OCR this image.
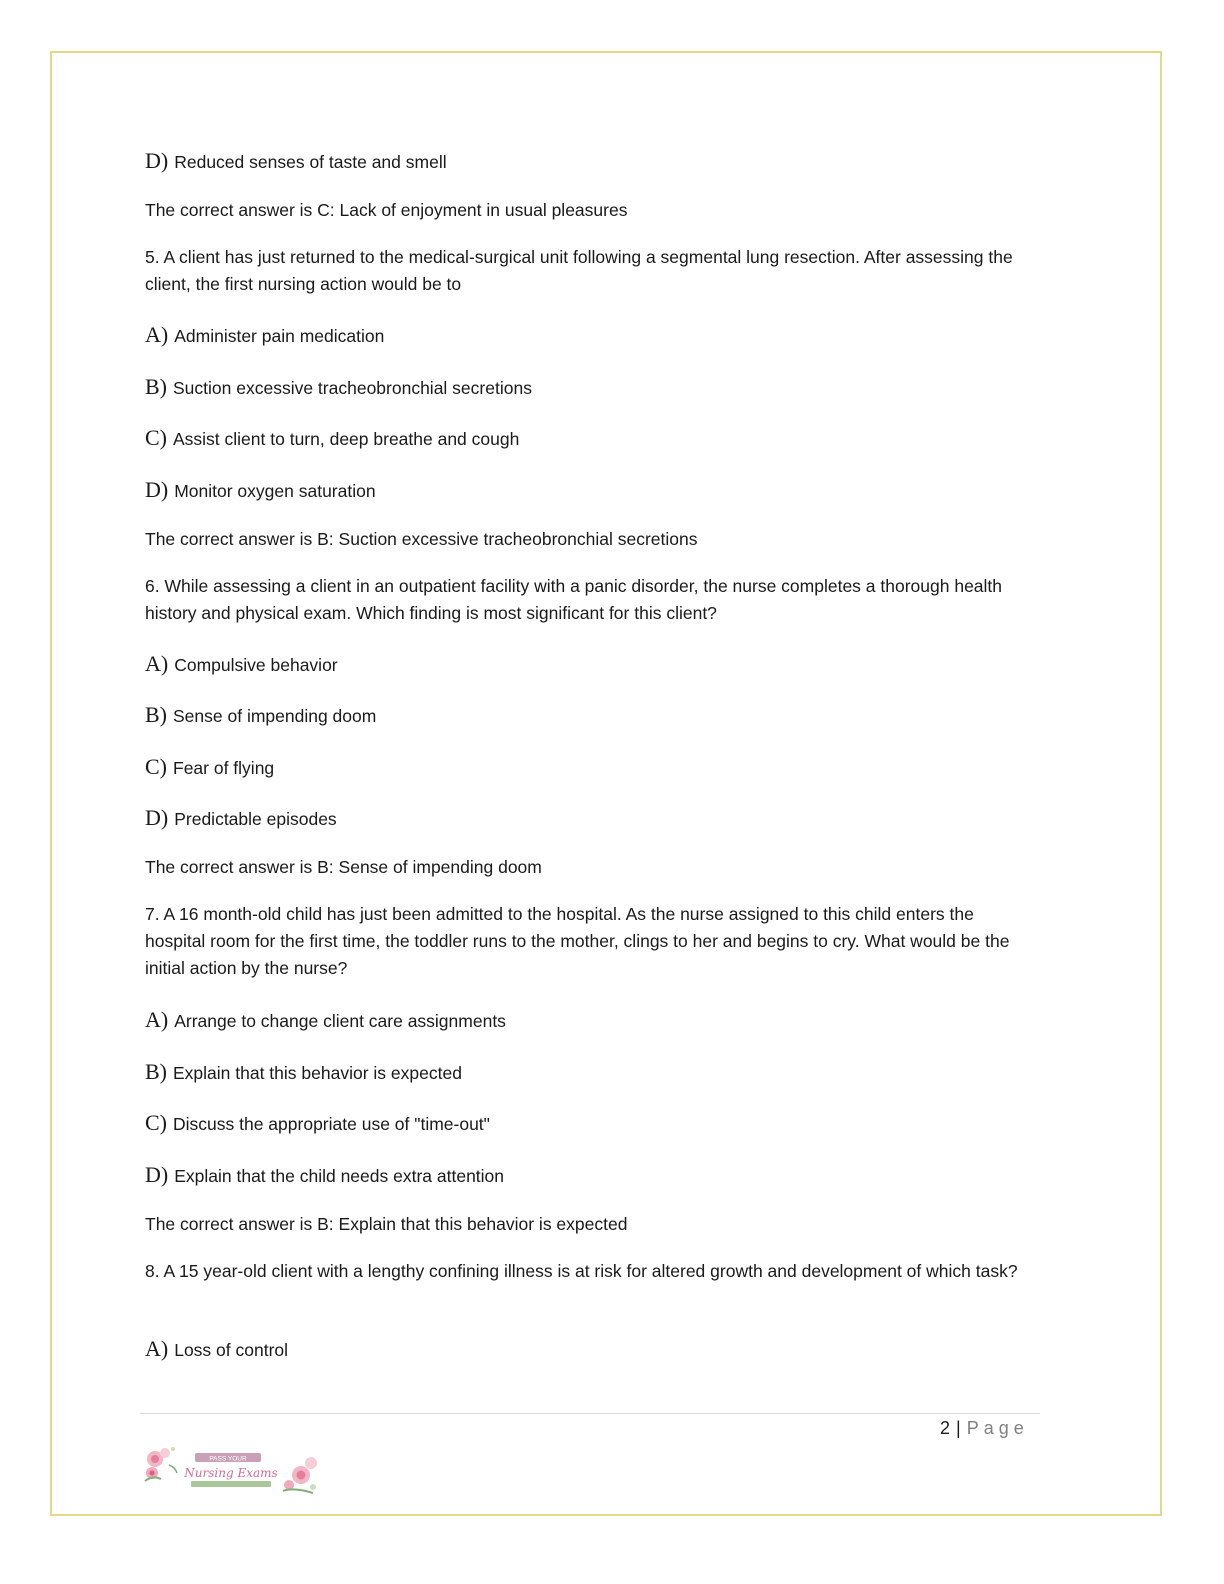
D) Reduced senses of taste and smell
The correct answer is C: Lack of enjoyment in usual pleasures
5. A client has just returned to the medical-surgical unit following a segmental lung resection. After assessing the client, the first nursing action would be to
A) Administer pain medication
B) Suction excessive tracheobronchial secretions
C) Assist client to turn, deep breathe and cough
D) Monitor oxygen saturation
The correct answer is B: Suction excessive tracheobronchial secretions
6. While assessing a client in an outpatient facility with a panic disorder, the nurse completes a thorough health history and physical exam. Which finding is most significant for this client?
A) Compulsive behavior
B) Sense of impending doom
C) Fear of flying
D) Predictable episodes
The correct answer is B: Sense of impending doom
7. A 16 month-old child has just been admitted to the hospital. As the nurse assigned to this child enters the hospital room for the first time, the toddler runs to the mother, clings to her and begins to cry. What would be the initial action by the nurse?
A) Arrange to change client care assignments
B) Explain that this behavior is expected
C) Discuss the appropriate use of "time-out"
D) Explain that the child needs extra attention
The correct answer is B: Explain that this behavior is expected
8. A 15 year-old client with a lengthy confining illness is at risk for altered growth and development of which task?
A) Loss of control
2 | Page
PASS YOUR
Nursing Exams
